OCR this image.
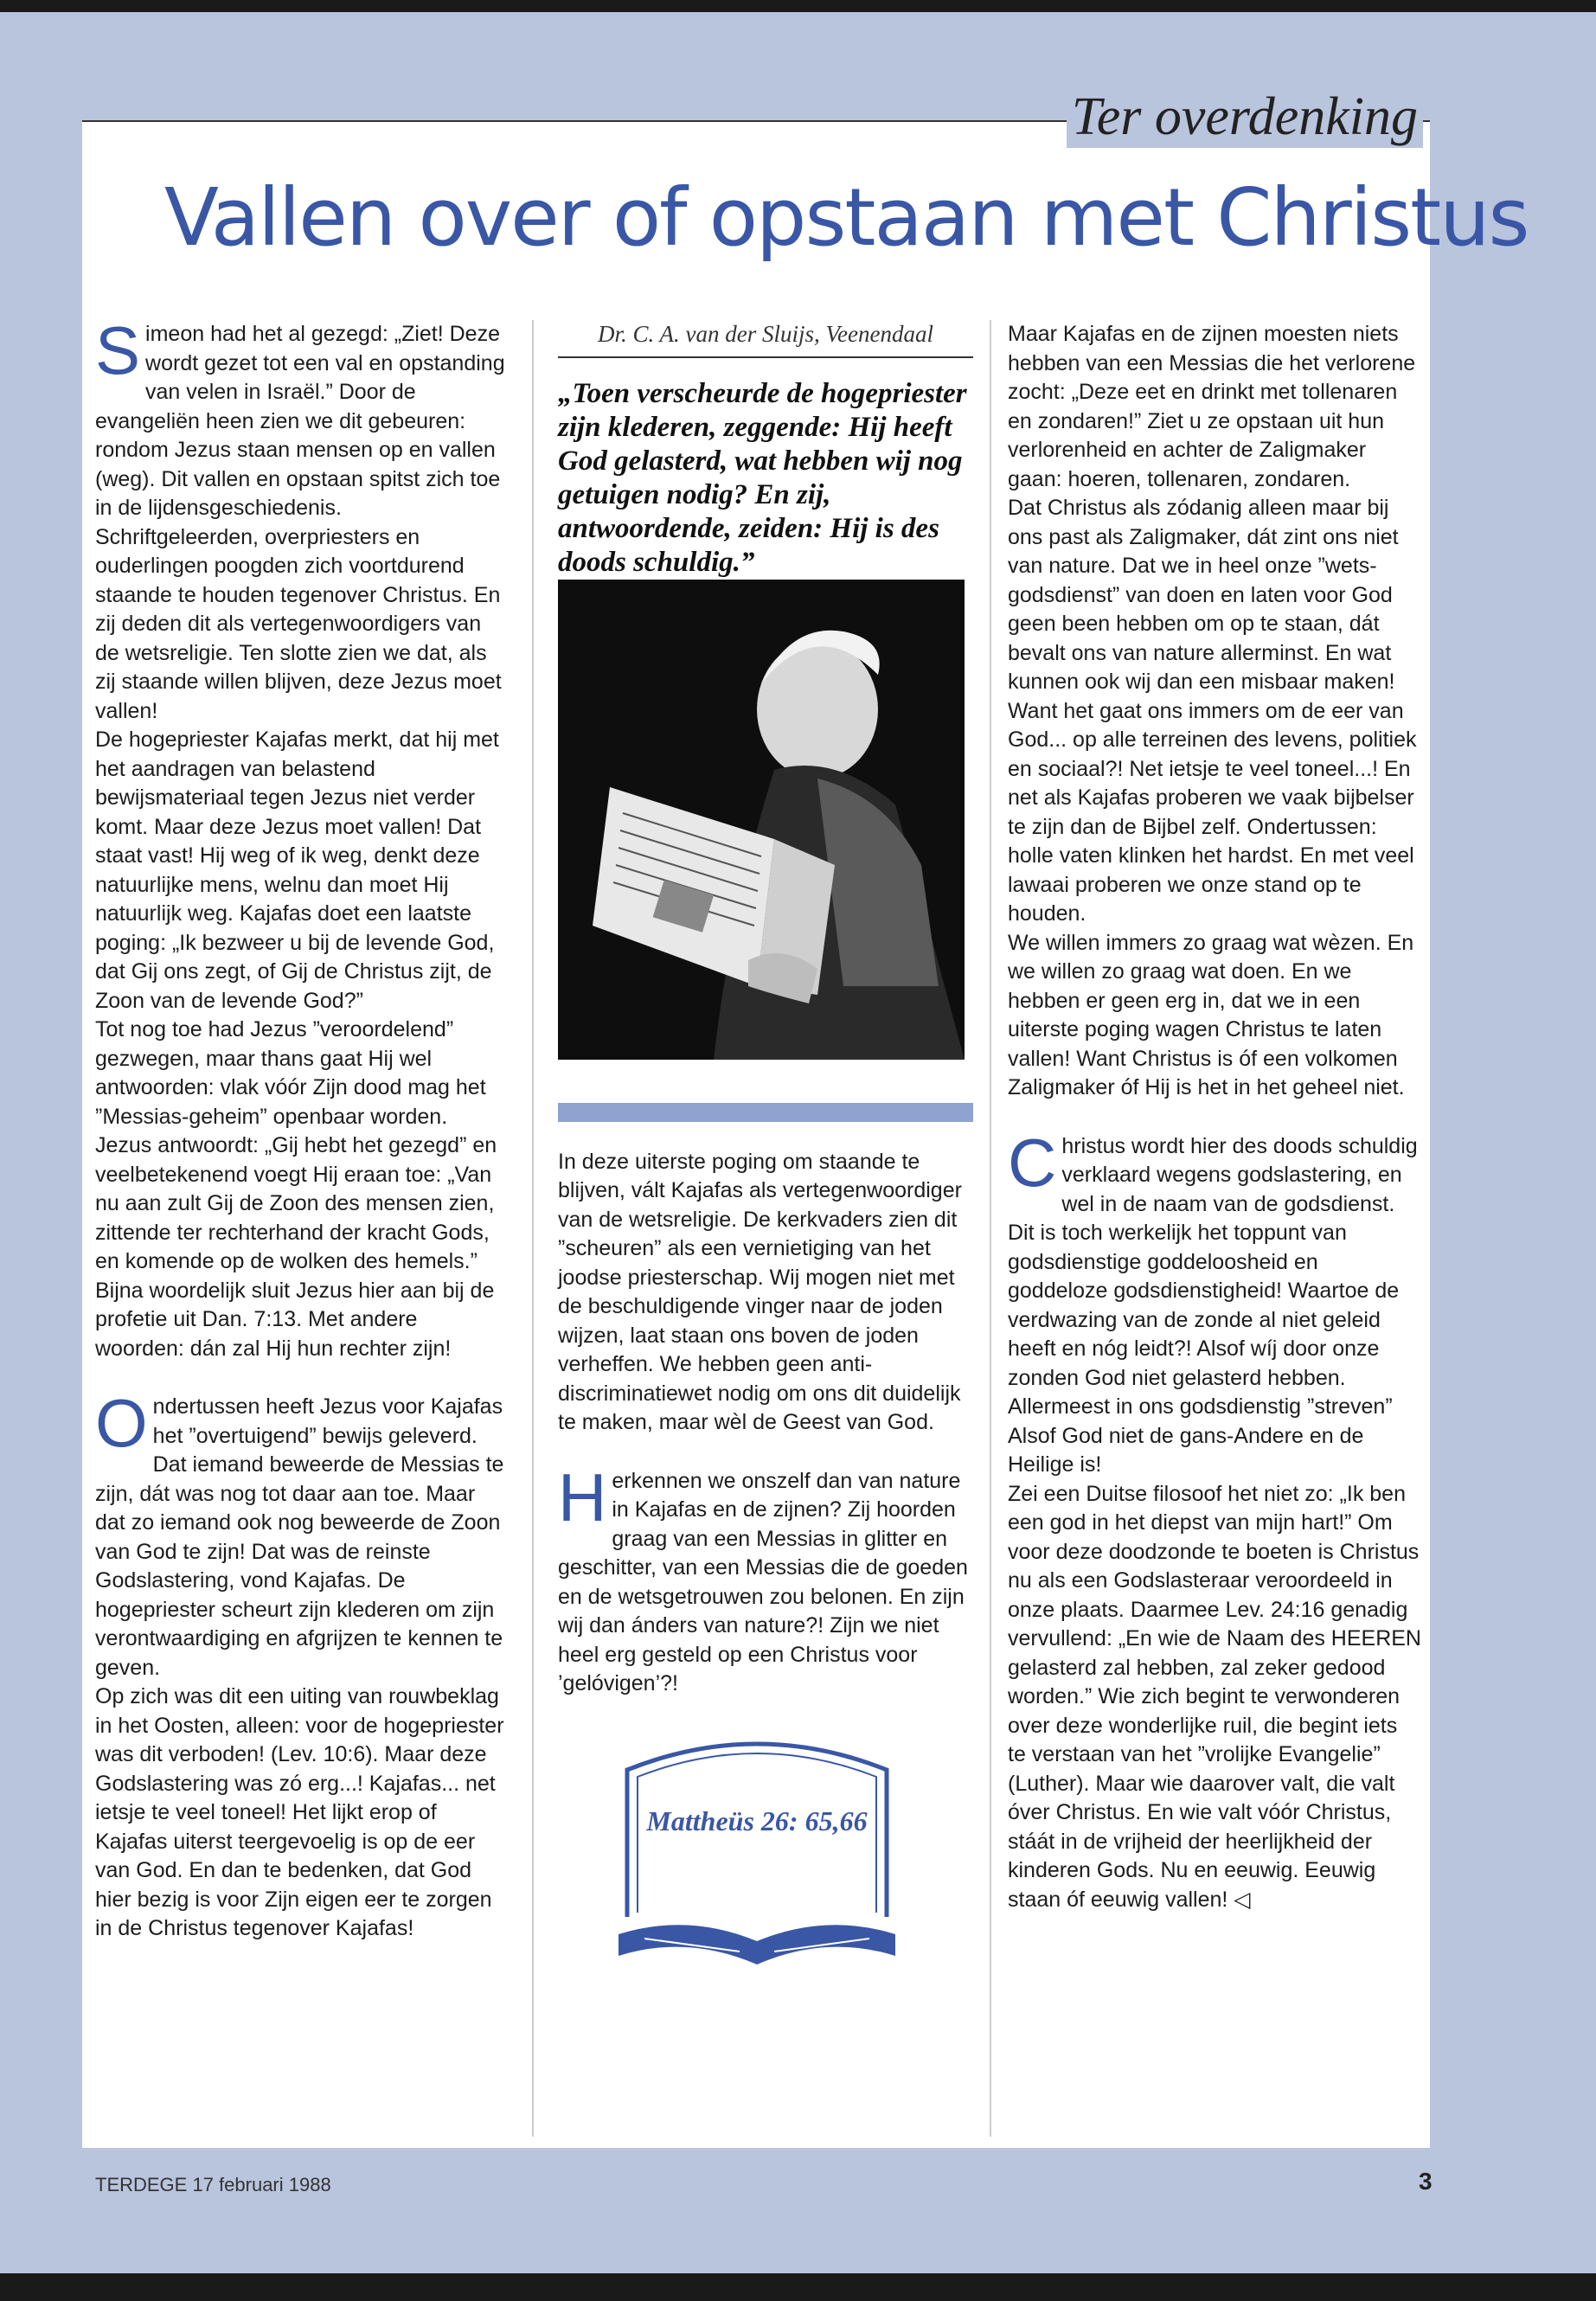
Ter overdenking
Vallen over of opstaan met Christus

Simeon had het al gezegd: „Ziet! Deze wordt gezet tot een val en opstanding van velen in Israël.” Door de evangeliën heen zien we dit gebeuren: rondom Jezus staan mensen op en vallen (weg). Dit vallen en opstaan spitst zich toe in de lijdensgeschiedenis. Schriftgeleerden, overpriesters en ouderlingen poogden zich voortdurend staande te houden tegenover Christus. En zij deden dit als vertegenwoordigers van de wetsreligie. Ten slotte zien we dat, als zij staande willen blijven, deze Jezus moet vallen!

De hogepriester Kajafas merkt, dat hij met het aandragen van belastend bewijsmateriaal tegen Jezus niet verder komt. Maar deze Jezus moet vallen! Dat staat vast! Hij weg of ik weg, denkt deze natuurlijke mens, welnu dan moet Hij natuurlijk weg. Kajafas doet een laatste poging: „Ik bezweer u bij de levende God, dat Gij ons zegt, of Gij de Christus zijt, de Zoon van de levende God?”

Tot nog toe had Jezus ”veroordelend” gezwegen, maar thans gaat Hij wel antwoorden: vlak vóór Zijn dood mag het ”Messias-geheim” openbaar worden. Jezus antwoordt: „Gij hebt het gezegd” en veelbetekenend voegt Hij eraan toe: „Van nu aan zult Gij de Zoon des mensen zien, zittende ter rechterhand der kracht Gods, en komende op de wolken des hemels.” Bijna woordelijk sluit Jezus hier aan bij de profetie uit Dan. 7:13. Met andere woorden: dán zal Hij hun rechter zijn!

Ondertussen heeft Jezus voor Kajafas het ”overtuigend” bewijs geleverd. Dat iemand beweerde de Messias te zijn, dát was nog tot daar aan toe. Maar dat zo iemand ook nog beweerde de Zoon van God te zijn! Dat was de reinste Godslastering, vond Kajafas. De hogepriester scheurt zijn klederen om zijn verontwaardiging en afgrijzen te kennen te geven.

Op zich was dit een uiting van rouwbeklag in het Oosten, alleen: voor de hogepriester was dit verboden! (Lev. 10:6). Maar deze Godslastering was zó erg...! Kajafas... net ietsje te veel toneel! Het lijkt erop of Kajafas uiterst teergevoelig is op de eer van God. En dan te bedenken, dat God hier bezig is voor Zijn eigen eer te zorgen in de Christus tegenover Kajafas!

Dr. C. A. van der Sluijs, Veenendaal

„Toen verscheurde de hogepriester zijn klederen, zeggende: Hij heeft God gelasterd, wat hebben wij nog getuigen nodig? En zij, antwoordende, zeiden: Hij is des doods schuldig.”

In deze uiterste poging om staande te blijven, vált Kajafas als vertegenwoordiger van de wetsreligie. De kerkvaders zien dit ”scheuren” als een vernietiging van het joodse priesterschap. Wij mogen niet met de beschuldigende vinger naar de joden wijzen, laat staan ons boven de joden verheffen. We hebben geen anti-discriminatiewet nodig om ons dit duidelijk te maken, maar wèl de Geest van God.

Herkennen we onszelf dan van nature in Kajafas en de zijnen? Zij hoorden graag van een Messias in glitter en geschitter, van een Messias die de goeden en de wetsgetrouwen zou belonen. En zijn wij dan ánders van nature?! Zijn we niet heel erg gesteld op een Christus voor ’gelóvigen’?!

Mattheüs 26: 65,66

Maar Kajafas en de zijnen moesten niets hebben van een Messias die het verlorene zocht: „Deze eet en drinkt met tollenaren en zondaren!” Ziet u ze opstaan uit hun verlorenheid en achter de Zaligmaker gaan: hoeren, tollenaren, zondaren.

Dat Christus als zódanig alleen maar bij ons past als Zaligmaker, dát zint ons niet van nature. Dat we in heel onze ”wets-godsdienst” van doen en laten voor God geen been hebben om op te staan, dát bevalt ons van nature allerminst. En wat kunnen ook wij dan een misbaar maken! Want het gaat ons immers om de eer van God... op alle terreinen des levens, politiek en sociaal?! Net ietsje te veel toneel...! En net als Kajafas proberen we vaak bijbelser te zijn dan de Bijbel zelf. Ondertussen: holle vaten klinken het hardst. En met veel lawaai proberen we onze stand op te houden.

We willen immers zo graag wat wèzen. En we willen zo graag wat doen. En we hebben er geen erg in, dat we in een uiterste poging wagen Christus te laten vallen! Want Christus is óf een volkomen Zaligmaker óf Hij is het in het geheel niet.

Christus wordt hier des doods schuldig verklaard wegens godslastering, en wel in de naam van de godsdienst. Dit is toch werkelijk het toppunt van godsdienstige goddeloosheid en goddeloze godsdienstigheid! Waartoe de verdwazing van de zonde al niet geleid heeft en nóg leidt?! Alsof wíj door onze zonden God niet gelasterd hebben. Allermeest in ons godsdienstig ”streven” Alsof God niet de gans-Andere en de Heilige is!

Zei een Duitse filosoof het niet zo: „Ik ben een god in het diepst van mijn hart!” Om voor deze doodzonde te boeten is Christus nu als een Godslasteraar veroordeeld in onze plaats. Daarmee Lev. 24:16 genadig vervullend: „En wie de Naam des HEEREN gelasterd zal hebben, zal zeker gedood worden.” Wie zich begint te verwonderen over deze wonderlijke ruil, die begint iets te verstaan van het ”vrolijke Evangelie” (Luther). Maar wie daarover valt, die valt óver Christus. En wie valt vóór Christus, stáát in de vrijheid der heerlijkheid der kinderen Gods. Nu en eeuwig. Eeuwig staan óf eeuwig vallen! ◁

TERDEGE 17 februari 1988	3
